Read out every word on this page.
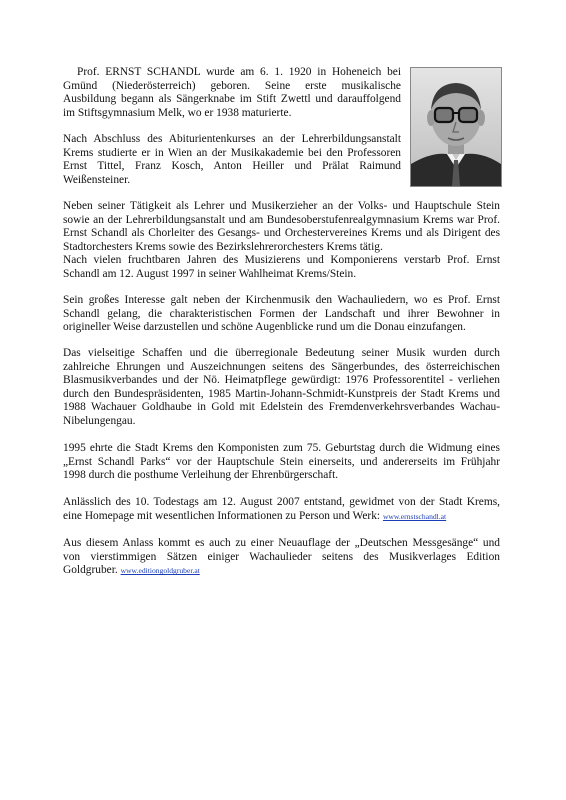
Prof. ERNST SCHANDL wurde am 6. 1. 1920 in Hoheneich bei
Gmünd (Niederösterreich) geboren. Seine erste musikalische
Ausbildung begann als Sängerknabe im Stift Zwettl und darauffolgend
im Stiftsgymnasium Melk, wo er 1938 maturierte.

Nach Abschluss des Abiturientenkurses an der Lehrerbildungsanstalt
Krems studierte er in Wien an der Musikakademie bei den Professoren
Ernst Tittel, Franz Kosch, Anton Heiller und Prälat Raimund
Weißensteiner.

Neben seiner Tätigkeit als Lehrer und Musikerzieher an der Volks- und Hauptschule Stein
sowie an der Lehrerbildungsanstalt und am Bundesoberstufenrealgymnasium Krems war Prof.
Ernst Schandl als Chorleiter des Gesangs- und Orchestervereines Krems und als Dirigent des
Stadtorchesters Krems sowie des Bezirkslehrerorchesters Krems tätig.
Nach vielen fruchtbaren Jahren des Musizierens und Komponierens verstarb Prof. Ernst
Schandl am 12. August 1997 in seiner Wahlheimat Krems/Stein.

Sein großes Interesse galt neben der Kirchenmusik den Wachauliedern, wo es Prof. Ernst
Schandl gelang, die charakteristischen Formen der Landschaft und ihrer Bewohner in
origineller Weise darzustellen und schöne Augenblicke rund um die Donau einzufangen.

Das vielseitige Schaffen und die überregionale Bedeutung seiner Musik wurden durch
zahlreiche Ehrungen und Auszeichnungen seitens des Sängerbundes, des österreichischen
Blasmusikverbandes und der Nö. Heimatpflege gewürdigt: 1976 Professorentitel - verliehen
durch den Bundespräsidenten, 1985 Martin-Johann-Schmidt-Kunstpreis der Stadt Krems und
1988 Wachauer Goldhaube in Gold mit Edelstein des Fremdenverkehrsverbandes Wachau-
Nibelungengau.

1995 ehrte die Stadt Krems den Komponisten zum 75. Geburtstag durch die Widmung eines
„Ernst Schandl Parks“ vor der Hauptschule Stein einerseits, und andererseits im Frühjahr
1998 durch die posthume Verleihung der Ehrenbürgerschaft.

Anlässlich des 10. Todestags am 12. August 2007 entstand, gewidmet von der Stadt Krems,
eine Homepage mit wesentlichen Informationen zu Person und Werk: www.ernstschandl.at

Aus diesem Anlass kommt es auch zu einer Neuauflage der „Deutschen Messgesänge“ und
von vierstimmigen Sätzen einiger Wachaulieder seitens des Musikverlages Edition
Goldgruber. www.editiongoldgruber.at
